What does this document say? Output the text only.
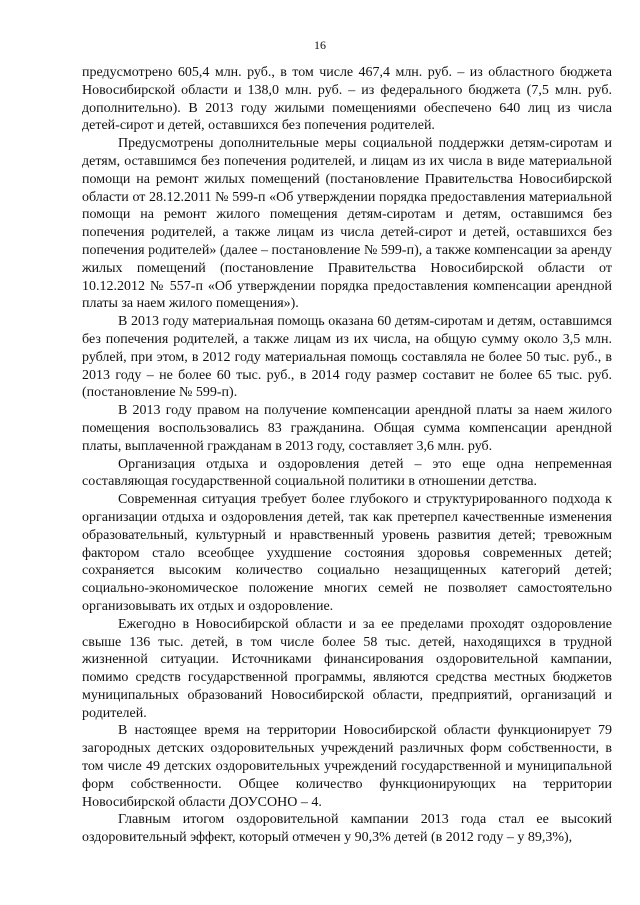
16

предусмотрено 605,4 млн. руб., в том числе 467,4 млн. руб. – из областного бюджета Новосибирской области и 138,0 млн. руб. – из федерального бюджета (7,5 млн. руб. дополнительно). В 2013 году жилыми помещениями обеспечено 640 лиц из числа детей-сирот и детей, оставшихся без попечения родителей.

Предусмотрены дополнительные меры социальной поддержки детям-сиротам и детям, оставшимся без попечения родителей, и лицам из их числа в виде материальной помощи на ремонт жилых помещений (постановление Правительства Новосибирской области от 28.12.2011 № 599-п «Об утверждении порядка предоставления материальной помощи на ремонт жилого помещения детям-сиротам и детям, оставшимся без попечения родителей, а также лицам из числа детей-сирот и детей, оставшихся без попечения родителей» (далее – постановление № 599-п), а также компенсации за аренду жилых помещений (постановление Правительства Новосибирской области от 10.12.2012 № 557-п «Об утверждении порядка предоставления компенсации арендной платы за наем жилого помещения»).

В 2013 году материальная помощь оказана 60 детям-сиротам и детям, оставшимся без попечения родителей, а также лицам из их числа, на общую сумму около 3,5 млн. рублей, при этом, в 2012 году материальная помощь составляла не более 50 тыс. руб., в 2013 году – не более 60 тыс. руб., в 2014 году размер составит не более 65 тыс. руб. (постановление № 599-п).

В 2013 году правом на получение компенсации арендной платы за наем жилого помещения воспользовались 83 гражданина. Общая сумма компенсации арендной платы, выплаченной гражданам в 2013 году, составляет 3,6 млн. руб.

Организация отдыха и оздоровления детей – это еще одна непременная составляющая государственной социальной политики в отношении детства.

Современная ситуация требует более глубокого и структурированного подхода к организации отдыха и оздоровления детей, так как претерпел качественные изменения образовательный, культурный и нравственный уровень развития детей; тревожным фактором стало всеобщее ухудшение состояния здоровья современных детей; сохраняется высоким количество социально незащищенных категорий детей; социально-экономическое положение многих семей не позволяет самостоятельно организовывать их отдых и оздоровление.

Ежегодно в Новосибирской области и за ее пределами проходят оздоровление свыше 136 тыс. детей, в том числе более 58 тыс. детей, находящихся в трудной жизненной ситуации. Источниками финансирования оздоровительной кампании, помимо средств государственной программы, являются средства местных бюджетов муниципальных образований Новосибирской области, предприятий, организаций и родителей.

В настоящее время на территории Новосибирской области функционирует 79 загородных детских оздоровительных учреждений различных форм собственности, в том числе 49 детских оздоровительных учреждений государственной и муниципальной форм собственности. Общее количество функционирующих на территории Новосибирской области ДОУСОНО – 4.

Главным итогом оздоровительной кампании 2013 года стал ее высокий оздоровительный эффект, который отмечен у 90,3% детей (в 2012 году – у 89,3%),
